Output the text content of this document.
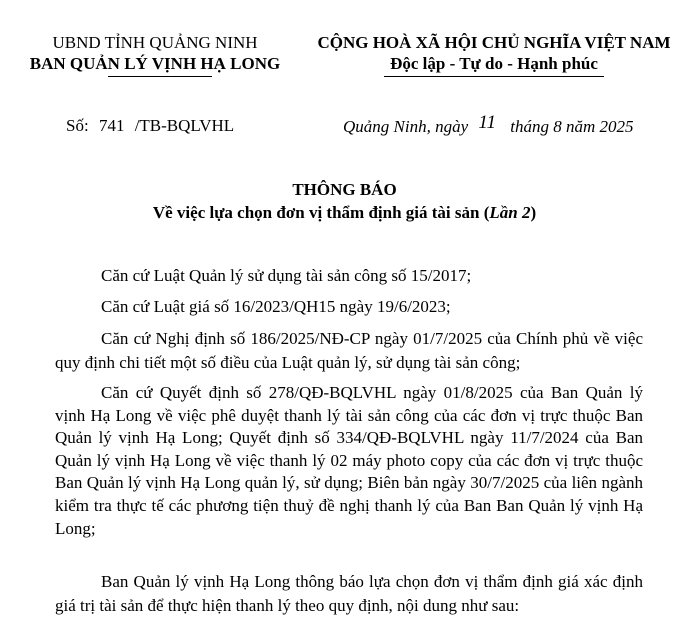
UBND TỈNH QUẢNG NINH
BAN QUẢN LÝ VỊNH HẠ LONG
CỘNG HOÀ XÃ HỘI CHỦ NGHĨA VIỆT NAM
Độc lập - Tự do - Hạnh phúc
Số: 741 /TB-BQLVHL	Quảng Ninh, ngày 11 tháng 8 năm 2025
THÔNG BÁO
Về việc lựa chọn đơn vị thẩm định giá tài sản (Lần 2)
Căn cứ Luật Quản lý sử dụng tài sản công số 15/2017;
Căn cứ Luật giá số 16/2023/QH15 ngày 19/6/2023;
Căn cứ Nghị định số 186/2025/NĐ-CP ngày 01/7/2025 của Chính phủ về việc quy định chi tiết một số điều của Luật quản lý, sử dụng tài sản công;
Căn cứ Quyết định số 278/QĐ-BQLVHL ngày 01/8/2025 của Ban Quản lý vịnh Hạ Long về việc phê duyệt thanh lý tài sản công của các đơn vị trực thuộc Ban Quản lý vịnh Hạ Long; Quyết định số 334/QĐ-BQLVHL ngày 11/7/2024 của Ban Quản lý vịnh Hạ Long về việc thanh lý 02 máy photo copy của các đơn vị trực thuộc Ban Quản lý vịnh Hạ Long quản lý, sử dụng; Biên bản ngày 30/7/2025 của liên ngành kiểm tra thực tế các phương tiện thuỷ đề nghị thanh lý của Ban Ban Quản lý vịnh Hạ Long;
Ban Quản lý vịnh Hạ Long thông báo lựa chọn đơn vị thẩm định giá xác định giá trị tài sản để thực hiện thanh lý theo quy định, nội dung như sau:
